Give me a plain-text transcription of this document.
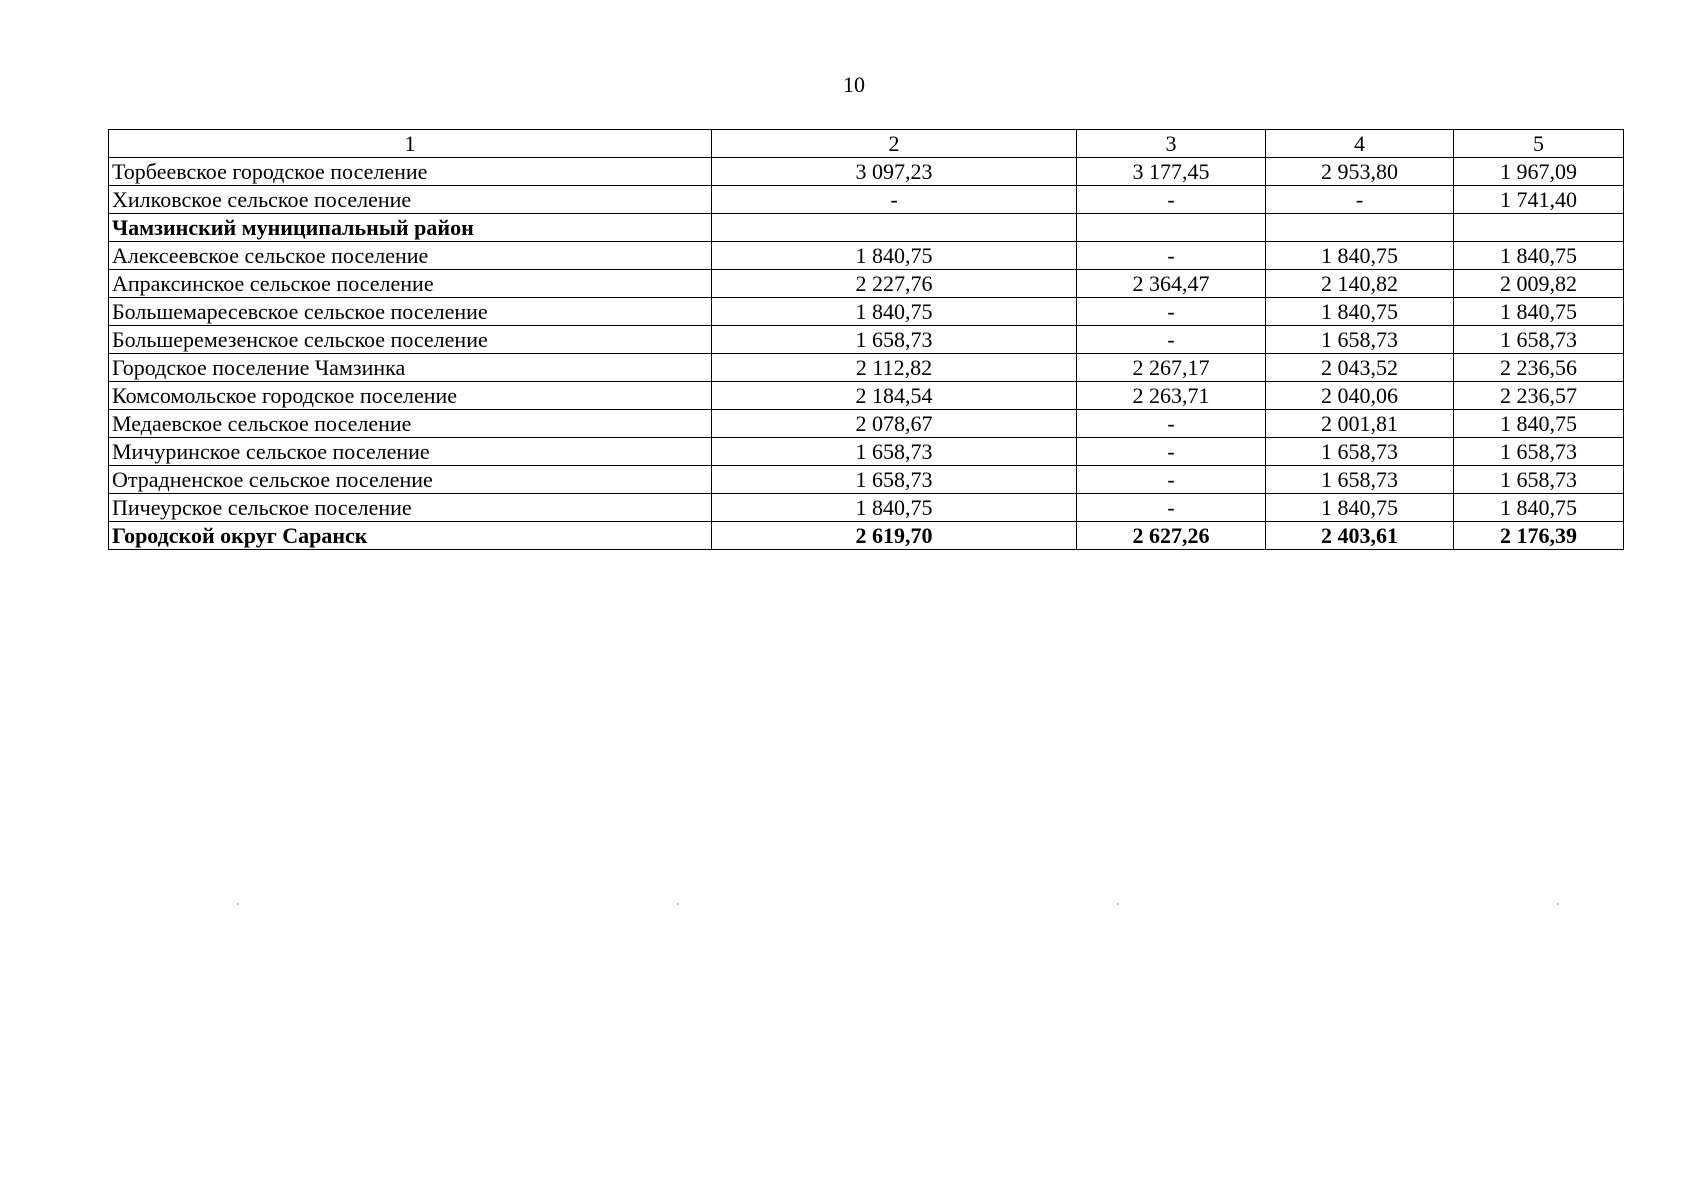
10
1	2	3	4	5
Торбеевское городское поселение	3 097,23	3 177,45	2 953,80	1 967,09
Хилковское сельское поселение	-	-	-	1 741,40
Чамзинский муниципальный район				
Алексеевское сельское поселение	1 840,75	-	1 840,75	1 840,75
Апраксинское сельское поселение	2 227,76	2 364,47	2 140,82	2 009,82
Большемаресевское сельское поселение	1 840,75	-	1 840,75	1 840,75
Большеремезенское сельское поселение	1 658,73	-	1 658,73	1 658,73
Городское поселение Чамзинка	2 112,82	2 267,17	2 043,52	2 236,56
Комсомольское городское поселение	2 184,54	2 263,71	2 040,06	2 236,57
Медаевское сельское поселение	2 078,67	-	2 001,81	1 840,75
Мичуринское сельское поселение	1 658,73	-	1 658,73	1 658,73
Отрадненское сельское поселение	1 658,73	-	1 658,73	1 658,73
Пичеурское сельское поселение	1 840,75	-	1 840,75	1 840,75
Городской округ Саранск	2 619,70	2 627,26	2 403,61	2 176,39
